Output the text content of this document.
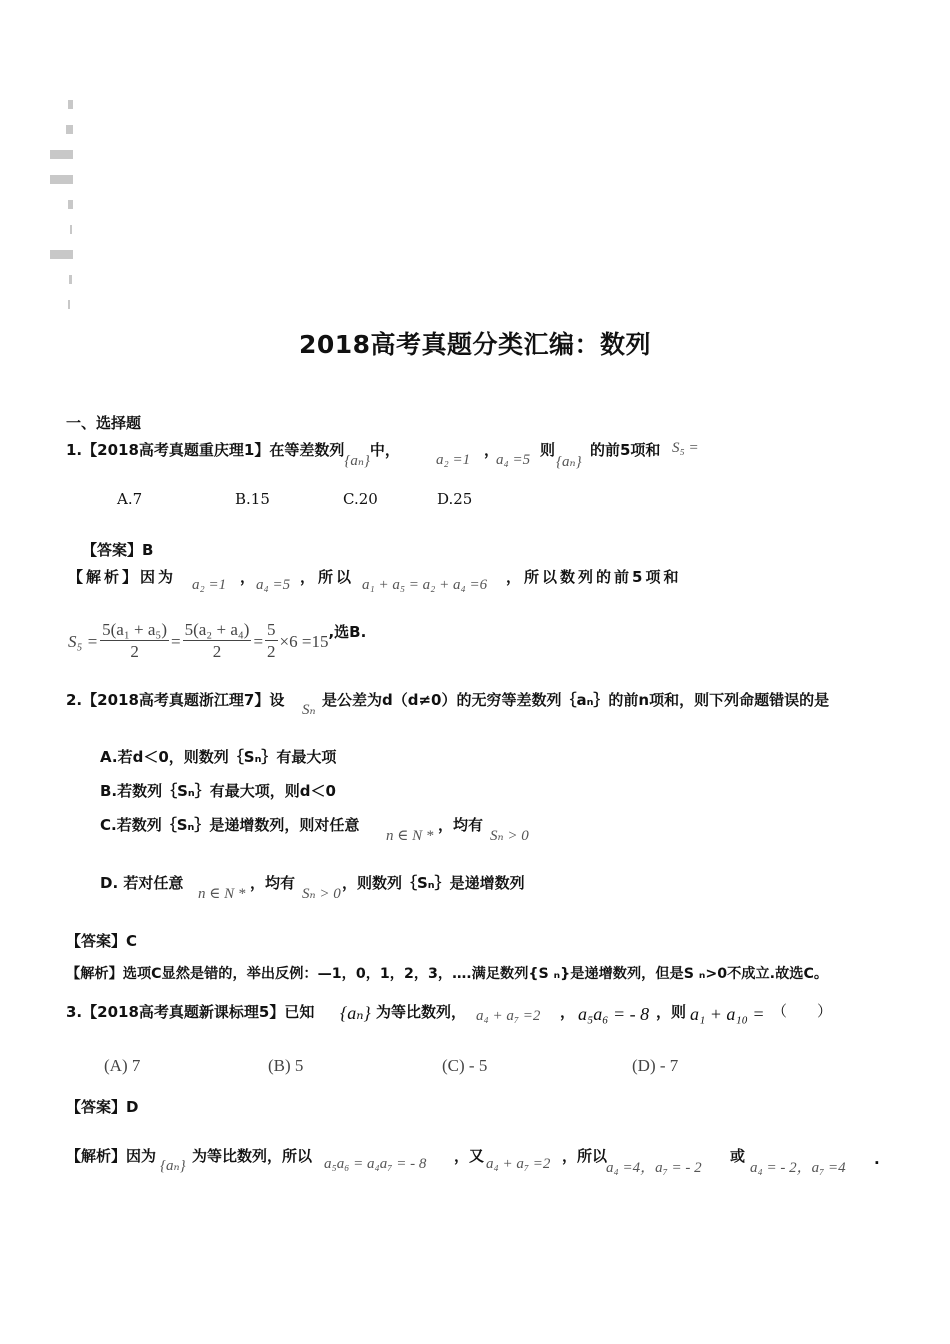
2018高考真题分类汇编：数列
一、选择题
1.【2018高考真题重庆理1】在等差数列{aₙ}中，
a₂ =1
，
a₄ =5
则
{aₙ}
的前5项和 S₅ =
A.7	B.15	C.20	D.25
【答案】B
【解析】因为 a₂ =1 ， a₄ =5 ，所以 a₁ + a₅ = a₂ + a₄ =6 ，所以数列的前5项和
$S_5 = \frac{\text{5(a₁ + a₅)}}{2} = \frac{\text{5(a₂ + a₄)}}{2} = \frac{5}{2} \times 6 =15$ ,选B.
2.【2018高考真题浙江理7】设
Sₙ
是公差为d（d≠0）的无穷等差数列｛aₙ｝的前n项和，则下列命题错误的是
A.若d＜0，则数列｛Sₙ｝有最大项
B.若数列｛Sₙ｝有最大项，则d＜0
C.若数列｛Sₙ｝是递增数列，则对任意
n ∈ N *
，均有
Sₙ > 0
D. 若对任意
n ∈ N *
，均有
Sₙ > 0
，则数列｛Sₙ｝是递增数列
【答案】C
【解析】选项C显然是错的，举出反例：—1，0，1，2，3，….满足数列{S ₙ}是递增数列，但是S ₙ>0不成立.故选C。
3.【2018高考真题新课标理5】已知 {aₙ} 为等比数列， a₄ + a₇ =2 ， a₅a₆ = - 8 ，则 a₁ + a₁₀ = （　　）
(A) 7	(B) 5	(C) - 5	(D) - 7
【答案】D
【解析】因为
{aₙ}
为等比数列，所以 a₅a₆ = a₄a₇ = - 8 ，又 a₄ + a₇ =2 ，所以
a₄ =4，a₇ = - 2
或
a₄ = - 2，a₇ =4 .
